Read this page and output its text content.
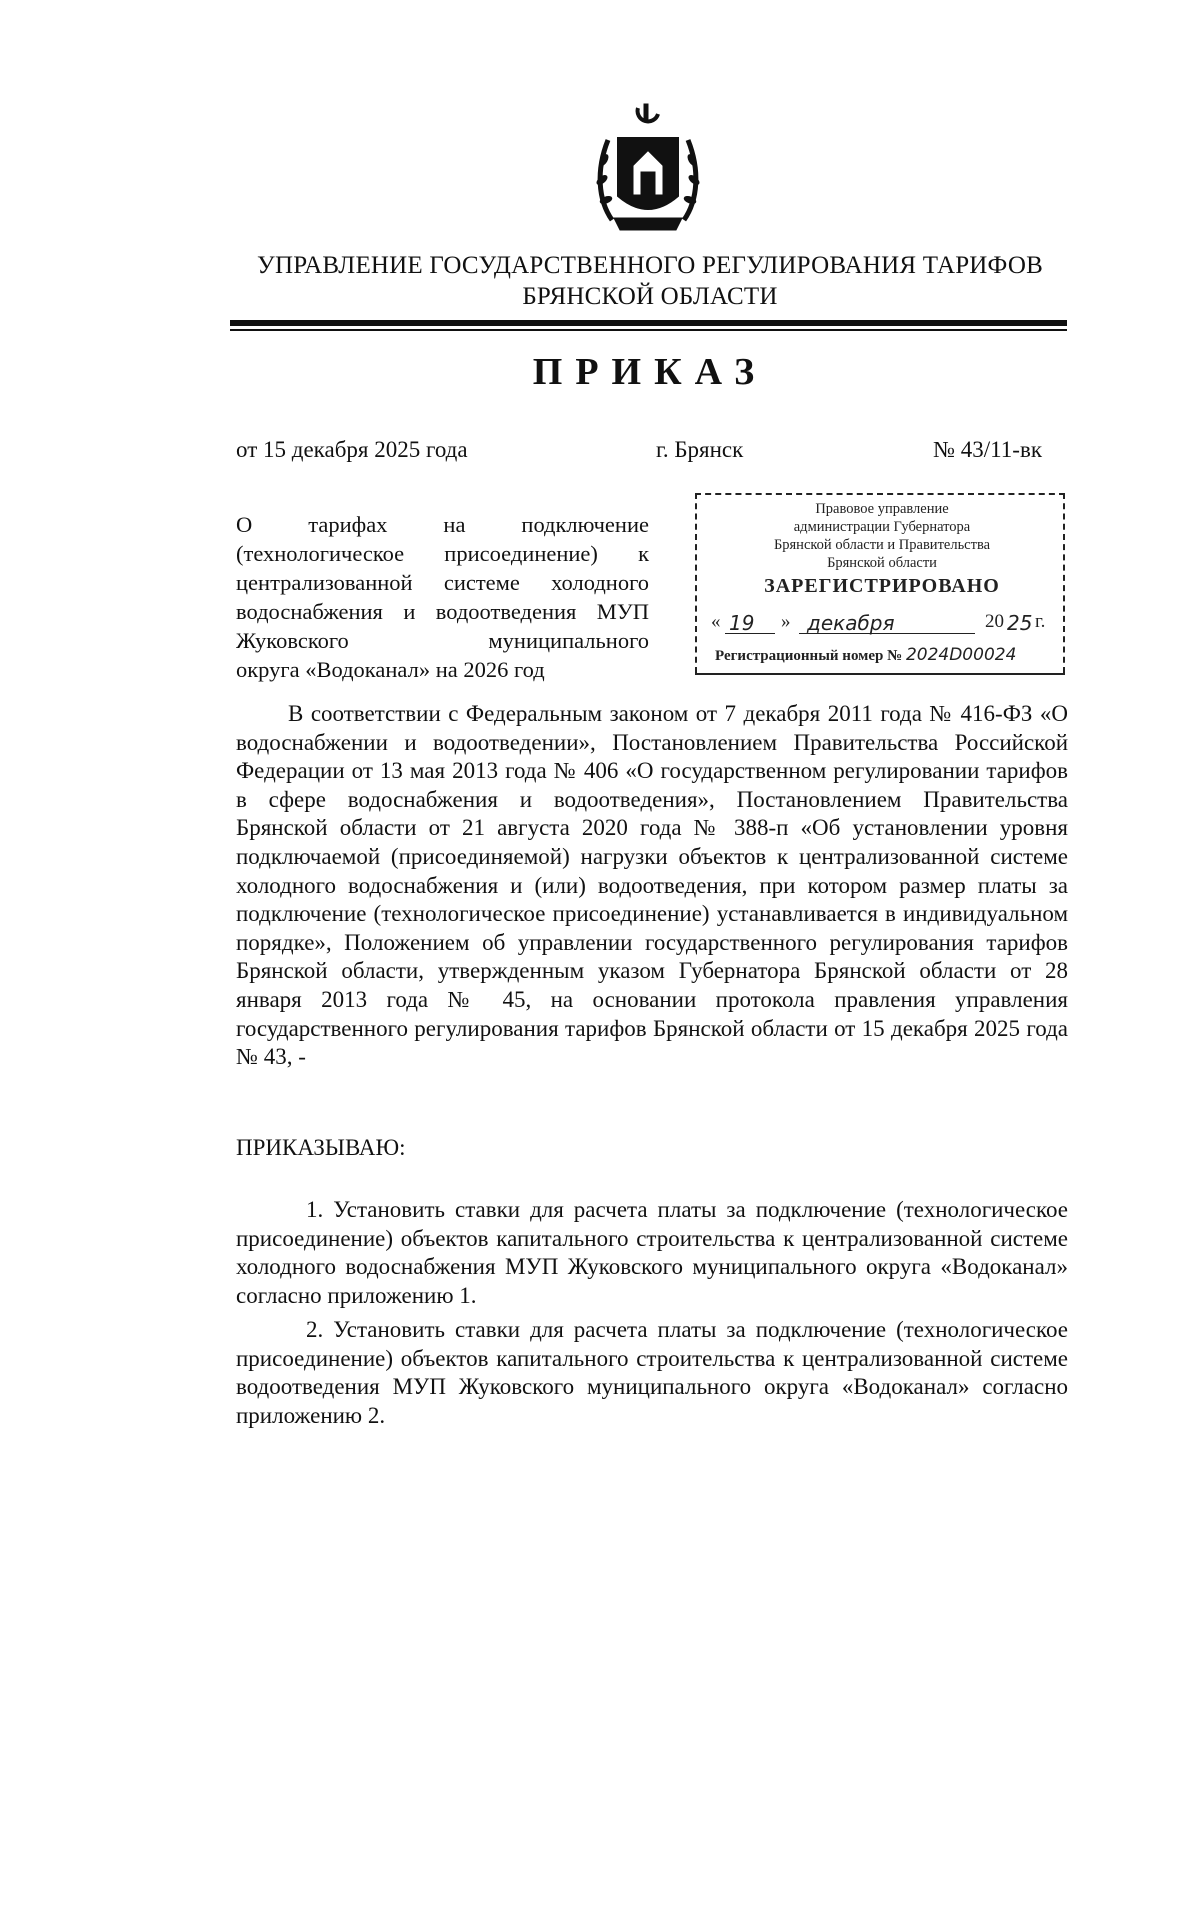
УПРАВЛЕНИЕ ГОСУДАРСТВЕННОГО РЕГУЛИРОВАНИЯ ТАРИФОВ
БРЯНСКОЙ ОБЛАСТИ
ПРИКАЗ
от 15 декабря 2025 года	г. Брянск	№ 43/11-вк
О тарифах на подключение (технологическое присоединение) к централизованной системе холодного водоснабжения и водоотведения МУП Жуковского муниципального
округа «Водоканал» на 2026 год
Правовое управление
администрации Губернатора
Брянской области и Правительства
Брянской области
ЗАРЕГИСТРИРОВАНО
« 19 » декабря	20 25 г.
Регистрационный номер № 2024D00024
В соответствии с Федеральным законом от 7 декабря 2011 года № 416-ФЗ «О водоснабжении и водоотведении», Постановлением Правительства Российской Федерации от 13 мая 2013 года № 406 «О государственном регулировании тарифов в сфере водоснабжения и водоотведения», Постановлением Правительства Брянской области от 21 августа 2020 года № 388-п «Об установлении уровня подключаемой (присоединяемой) нагрузки объектов к централизованной системе холодного водоснабжения и (или) водоотведения, при котором размер платы за подключение (технологическое присоединение) устанавливается в индивидуальном порядке», Положением об управлении государственного регулирования тарифов Брянской области, утвержденным указом Губернатора Брянской области от 28 января 2013 года № 45, на основании протокола правления управления государственного регулирования тарифов Брянской области от 15 декабря 2025 года № 43, -
ПРИКАЗЫВАЮ:
1. Установить ставки для расчета платы за подключение (технологическое присоединение) объектов капитального строительства к централизованной системе холодного водоснабжения МУП Жуковского муниципального округа «Водоканал» согласно приложению 1.
2. Установить ставки для расчета платы за подключение (технологическое присоединение) объектов капитального строительства к централизованной системе водоотведения МУП Жуковского муниципального округа «Водоканал» согласно приложению 2.
